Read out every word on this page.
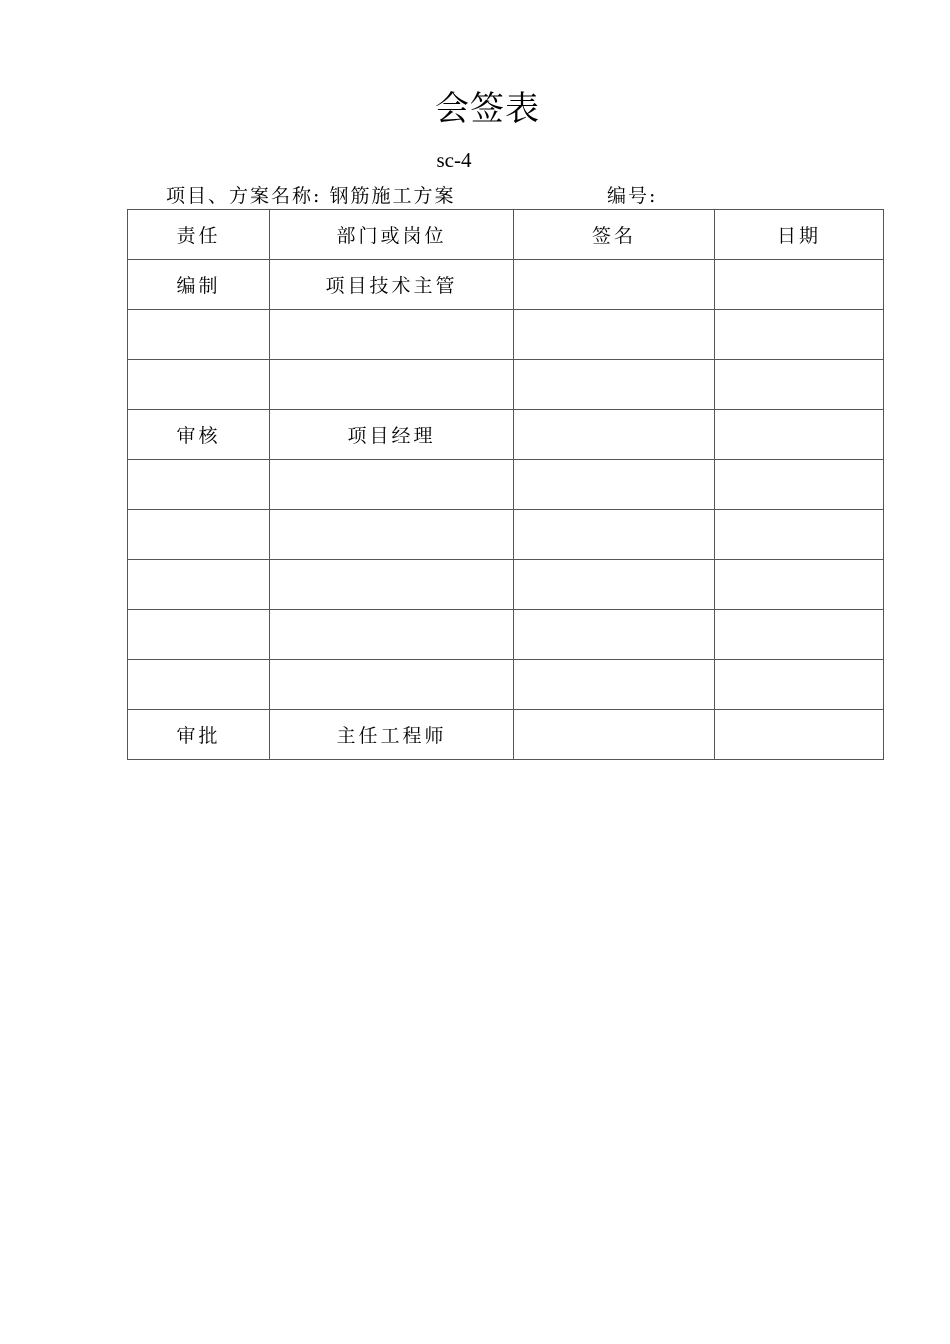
会签表
sc-4
项目、方案名称: 钢筋施工方案	编号:
责任	部门或岗位	签名	日期
编制	项目技术主管		

审核	项目经理		

审批	主任工程师		
